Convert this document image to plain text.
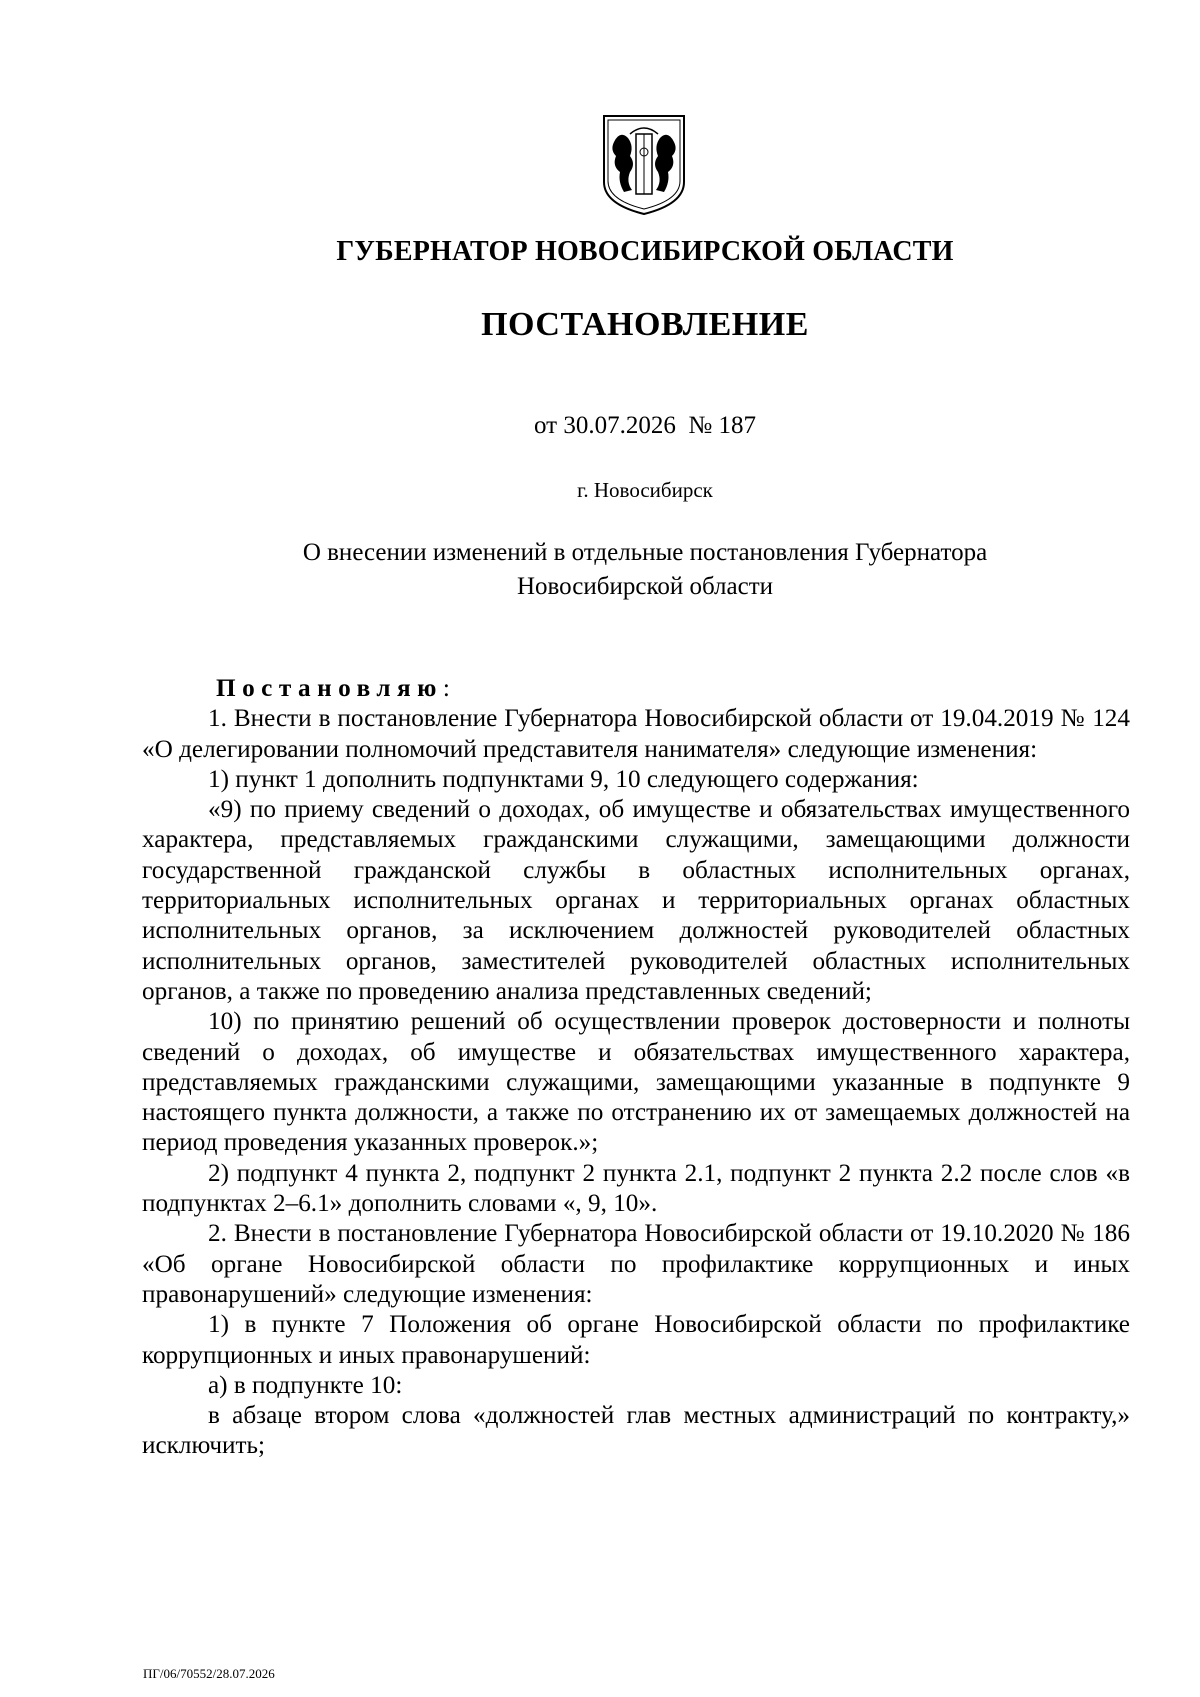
ГУБЕРНАТОР НОВОСИБИРСКОЙ ОБЛАСТИ
ПОСТАНОВЛЕНИЕ
от 30.07.2026  № 187
г. Новосибирск
О внесении изменений в отдельные постановления Губернатора
Новосибирской области
Постановляю:

1. Внести в постановление Губернатора Новосибирской области от 19.04.2019 № 124 «О делегировании полномочий представителя нанимателя» следующие изменения:

1) пункт 1 дополнить подпунктами 9, 10 следующего содержания:

«9) по приему сведений о доходах, об имуществе и обязательствах имущественного характера, представляемых гражданскими служащими, замещающими должности государственной гражданской службы в областных исполнительных органах, территориальных исполнительных органах и территориальных органах областных исполнительных органов, за исключением должностей руководителей областных исполнительных органов, заместителей руководителей областных исполнительных органов, а также по проведению анализа представленных сведений;

10) по принятию решений об осуществлении проверок достоверности и полноты сведений о доходах, об имуществе и обязательствах имущественного характера, представляемых гражданскими служащими, замещающими указанные в подпункте 9 настоящего пункта должности, а также по отстранению их от замещаемых должностей на период проведения указанных проверок.»;

2) подпункт 4 пункта 2, подпункт 2 пункта 2.1, подпункт 2 пункта 2.2 после слов «в подпунктах 2–6.1» дополнить словами «, 9, 10».

2. Внести в постановление Губернатора Новосибирской области от 19.10.2020 № 186 «Об органе Новосибирской области по профилактике коррупционных и иных правонарушений» следующие изменения:

1) в пункте 7 Положения об органе Новосибирской области по профилактике коррупционных и иных правонарушений:

а) в подпункте 10:

в абзаце втором слова «должностей глав местных администраций по контракту,» исключить;

ПГ/06/70552/28.07.2026
